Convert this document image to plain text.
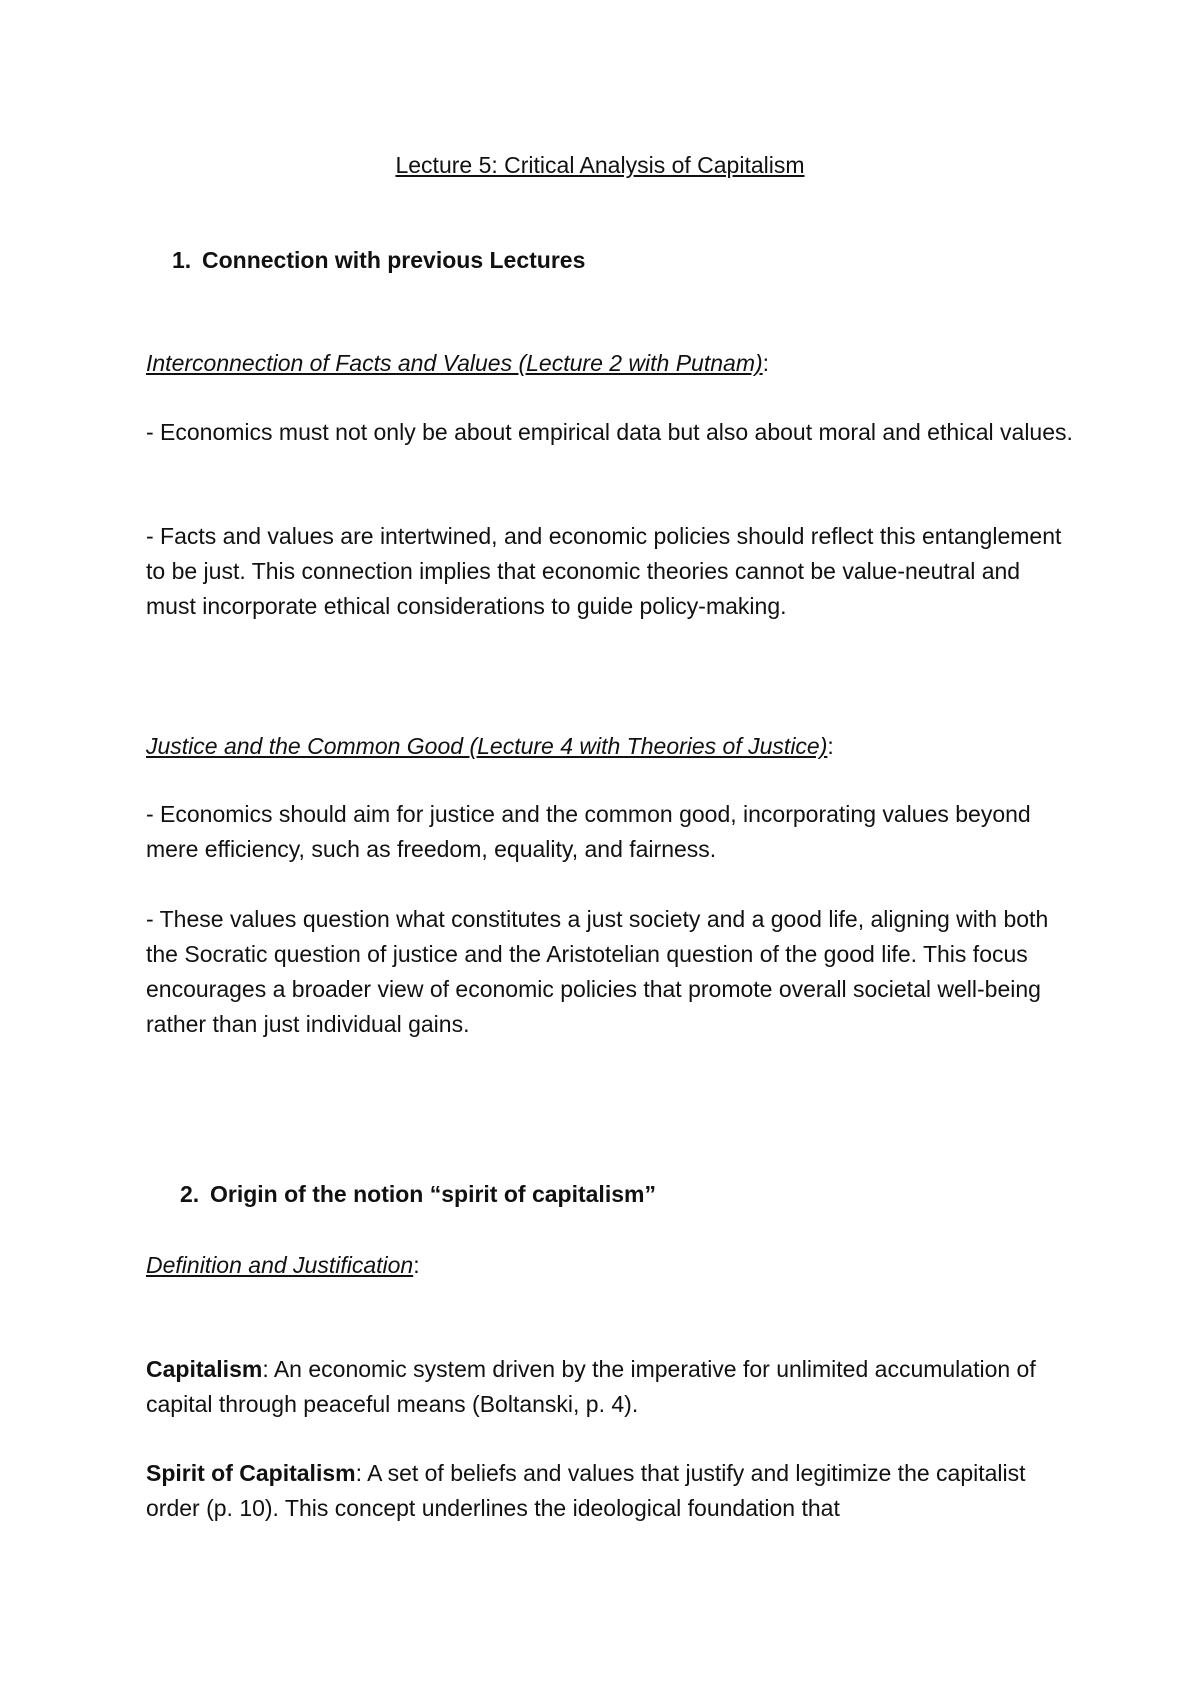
Lecture 5: Critical Analysis of Capitalism
1. Connection with previous Lectures
Interconnection of Facts and Values (Lecture 2 with Putnam):

- Economics must not only be about empirical data but also about moral and ethical values.

- Facts and values are intertwined, and economic policies should reflect this entanglement to be just. This connection implies that economic theories cannot be value-neutral and must incorporate ethical considerations to guide policy-making.

Justice and the Common Good (Lecture 4 with Theories of Justice):

- Economics should aim for justice and the common good, incorporating values beyond mere efficiency, such as freedom, equality, and fairness.

- These values question what constitutes a just society and a good life, aligning with both the Socratic question of justice and the Aristotelian question of the good life. This focus encourages a broader view of economic policies that promote overall societal well-being rather than just individual gains.

2. Origin of the notion “spirit of capitalism”
Definition and Justification:

Capitalism: An economic system driven by the imperative for unlimited accumulation of capital through peaceful means (Boltanski, p. 4).

Spirit of Capitalism: A set of beliefs and values that justify and legitimize the capitalist order (p. 10). This concept underlines the ideological foundation that
